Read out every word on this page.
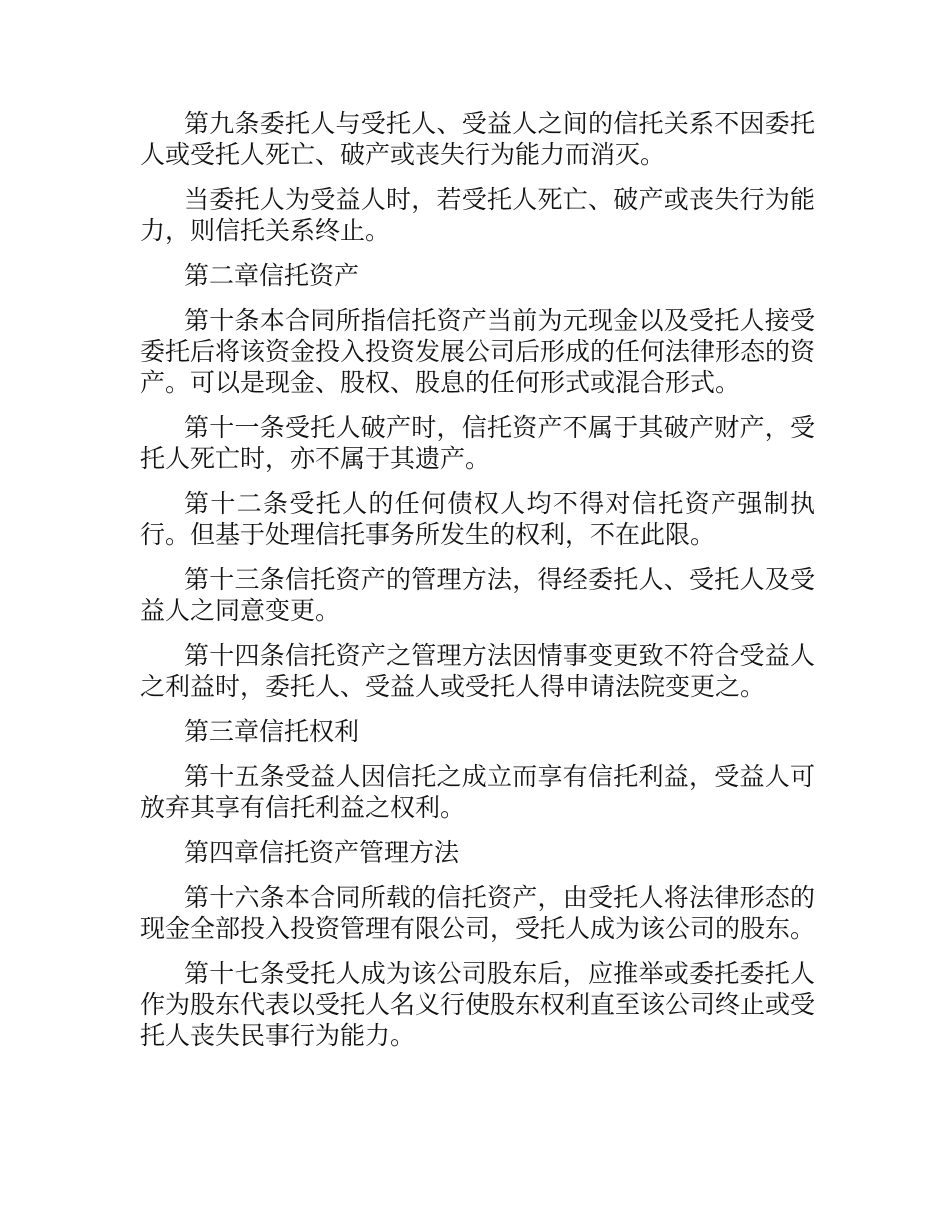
第九条委托人与受托人、受益人之间的信托关系不因委托人或受托人死亡、破产或丧失行为能力而消灭。

当委托人为受益人时，若受托人死亡、破产或丧失行为能力，则信托关系终止。

第二章信托资产

第十条本合同所指信托资产当前为元现金以及受托人接受委托后将该资金投入投资发展公司后形成的任何法律形态的资产。可以是现金、股权、股息的任何形式或混合形式。

第十一条受托人破产时，信托资产不属于其破产财产，受托人死亡时，亦不属于其遗产。

第十二条受托人的任何债权人均不得对信托资产强制执行。但基于处理信托事务所发生的权利，不在此限。

第十三条信托资产的管理方法，得经委托人、受托人及受益人之同意变更。

第十四条信托资产之管理方法因情事变更致不符合受益人之利益时，委托人、受益人或受托人得申请法院变更之。

第三章信托权利

第十五条受益人因信托之成立而享有信托利益，受益人可放弃其享有信托利益之权利。

第四章信托资产管理方法

第十六条本合同所载的信托资产，由受托人将法律形态的现金全部投入投资管理有限公司，受托人成为该公司的股东。

第十七条受托人成为该公司股东后，应推举或委托委托人作为股东代表以受托人名义行使股东权利直至该公司终止或受托人丧失民事行为能力。
